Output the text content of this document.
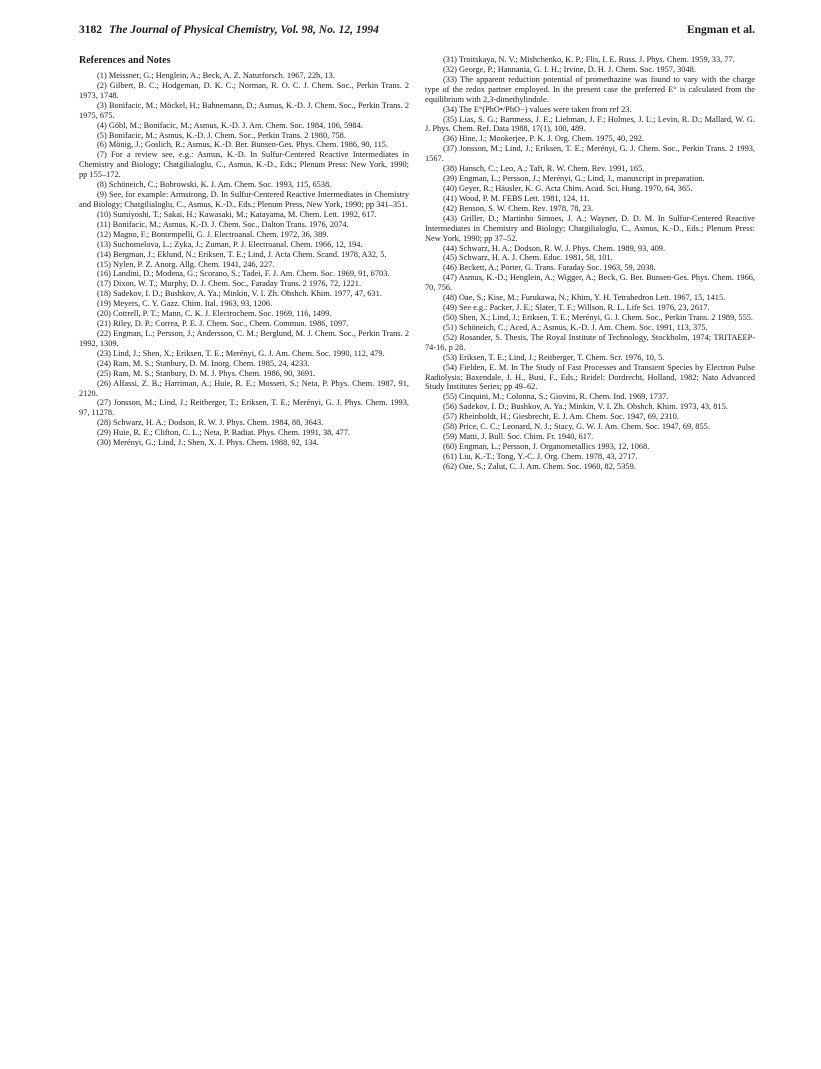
3182 The Journal of Physical Chemistry, Vol. 98, No. 12, 1994	Engman et al.
References and Notes

(1) Meissner, G.; Henglein, A.; Beck, A. Z. Naturforsch. 1967, 22b, 13.

(2) Gilbert, B. C.; Hodgeman, D. K. C.; Norman, R. O. C. J. Chem. Soc., Perkin Trans. 2 1973, 1748.

(3) Bonifacic, M.; Möckel, H.; Bahnemann, D.; Asmus, K.-D. J. Chem. Soc., Perkin Trans. 2 1975, 675.

(4) Göbl, M.; Bonifacic, M.; Asmus, K.-D. J. Am. Chem. Soc. 1984, 106, 5984.

(5) Bonifacic, M.; Asmus, K.-D. J. Chem. Soc., Perkin Trans. 2 1980, 758.

(6) Mönig, J.; Goslich, R.; Asmus, K.-D. Ber. Bunsen-Ges. Phys. Chem. 1986, 90, 115.

(7) For a review see, e.g.: Asmus, K.-D. In Sulfur-Centered Reactive Intermediates in Chemistry and Biology; Chatgilialoglu, C., Asmus, K.-D., Eds.; Plenum Press: New York, 1990; pp 155–172.

(8) Schöneich, C.; Bobrowski, K. J. Am. Chem. Soc. 1993, 115, 6538.

(9) See, for example: Armstrong, D. In Sulfur-Centered Reactive Intermediates in Chemistry and Biology; Chatgilialoglu, C., Asmus, K.-D., Eds.; Plenum Press, New York, 1990; pp 341–351.

(10) Sumiyoshi, T.; Sakai, H.; Kawasaki, M.; Katayama, M. Chem. Lett. 1992, 617.

(11) Bonifacic, M.; Asmus, K.-D. J. Chem. Soc., Dalton Trans. 1976, 2074.

(12) Magno, F.; Bontempelli, G. J. Electroanal. Chem. 1972, 36, 389.

(13) Suchomelova, L.; Zyka, J.; Zuman, P. J. Electroanal. Chem. 1966, 12, 194.

(14) Bergman, J.; Eklund, N.; Eriksen, T. E.; Lind, J. Acta Chem. Scand. 1978, A32, 5.

(15) Nylen, P. Z. Anorg. Allg. Chem. 1941, 246, 227.

(16) Landini, D.; Modena, G.; Scorano, S.; Tadei, F. J. Am. Chem. Soc. 1969, 91, 6703.

(17) Dixon, W. T.; Murphy, D. J. Chem. Soc., Faraday Trans. 2 1976, 72, 1221.

(18) Sadekov, I. D.; Bushkov, A. Ya.; Minkin, V. I. Zh. Obshch. Khim. 1977, 47, 631.

(19) Meyers, C. Y. Gazz. Chim. Ital. 1963, 93, 1206.

(20) Cottrell, P. T.; Mann, C. K. J. Electrochem. Soc. 1969, 116, 1499.

(21) Riley, D. P.; Correa, P. E. J. Chem. Soc., Chem. Commun. 1986, 1097.

(22) Engman, L.; Persson, J.; Andersson, C. M.; Berglund, M. J. Chem. Soc., Perkin Trans. 2 1992, 1309.

(23) Lind, J.; Shen, X.; Eriksen, T. E.; Merényi, G. J. Am. Chem. Soc. 1990, 112, 479.

(24) Ram, M. S.; Stanbury, D. M. Inorg. Chem. 1985, 24, 4233.

(25) Ram, M. S.; Stanbury, D. M. J. Phys. Chem. 1986, 90, 3691.

(26) Alfassi, Z. B.; Harriman, A.; Huie, R. E.; Mosseri, S.; Neta, P. Phys. Chem. 1987, 91, 2120.

(27) Jonsson, M.; Lind, J.; Reitberger, T.; Eriksen, T. E.; Merényi, G. J. Phys. Chem. 1993, 97, 11278.

(28) Schwarz, H. A.; Dodson, R. W. J. Phys. Chem. 1984, 88, 3643.

(29) Huie, R. E.; Clifton, C. L.; Neta, P. Radiat. Phys. Chem. 1991, 38, 477.

(30) Merényi, G.; Lind, J.; Shen, X. J. Phys. Chem. 1988, 92, 134.

(31) Troitskaya, N. V.; Mishchenko, K. P.; Flis, I. E. Russ. J. Phys. Chem. 1959, 33, 77.

(32) George, P.; Hannania, G. I. H.; Irvine, D. H. J. Chem. Soc. 1957, 3048.

(33) The apparent reduction potential of promethazine was found to vary with the charge type of the redox partner employed. In the present case the preferred E° is calculated from the equilibrium with 2,3-dimethylindole.

(34) The E°(PhO•/PhO−) values were taken from ref 23.

(35) Lias, S. G.; Bartmess, J. E.; Liebman, J. F.; Holmes, J. L.; Levin, R. D.; Mallard, W. G. J. Phys. Chem. Ref. Data 1988, 17(1), 100, 489.

(36) Hine, J.; Mookerjee, P. K. J. Org. Chem. 1975, 40, 292.

(37) Jonsson, M.; Lind, J.; Eriksen, T. E.; Merényi, G. J. Chem. Soc., Perkin Trans. 2 1993, 1567.

(38) Hansch, C.; Leo, A.; Taft, R. W. Chem. Rev. 1991, 165.

(39) Engman, L.; Persson, J.; Merényi, G.; Lind, J., manuscript in preparation.

(40) Geyer, R.; Häusler, K. G. Acta Chim. Acad. Sci. Hung. 1970, 64, 365.

(41) Wood, P. M. FEBS Lett. 1981, 124, 11.

(42) Benson, S. W. Chem. Rev. 1978, 78, 23.

(43) Griller, D.; Martinho Simoes, J. A.; Wayner, D. D. M. In Sulfur-Centered Reactive Intermediates in Chemistry and Biology; Chatgilialoglu, C., Asmus, K.-D., Eds.; Plenum Press: New York, 1990; pp 37–52.

(44) Schwarz, H. A.; Dodson, R. W. J. Phys. Chem. 1989, 93, 409.

(45) Schwarz, H. A. J. Chem. Educ. 1981, 58, 101.

(46) Beckett, A.; Porter, G. Trans. Faraday Soc. 1963, 59, 2038.

(47) Asmus, K.-D.; Henglein, A.; Wigger, A.; Beck, G. Ber. Bunsen-Ges. Phys. Chem. 1966, 70, 756.

(48) Oae, S.; Kise, M.; Furukawa, N.; Khim, Y. H. Tetrahedron Lett. 1967, 15, 1415.

(49) See e.g.: Packer, J. E.; Slater, T. F.; Willson, R. L. Life Sci. 1976, 23, 2617.

(50) Shen, X.; Lind, J.; Eriksen, T. E.; Merényi, G. J. Chem. Soc., Perkin Trans. 2 1989, 555.

(51) Schöneich, C.; Aced, A.; Asmus, K.-D. J. Am. Chem. Soc. 1991, 113, 375.

(52) Rosander, S. Thesis, The Royal Institute of Technology, Stockholm, 1974; TRITAEEP-74-16, p 28.

(53) Eriksen, T. E.; Lind, J.; Reitberger, T. Chem. Scr. 1976, 10, 5.

(54) Fielden, E. M. In The Study of Fast Processes and Transient Species by Electron Pulse Radiolysis; Baxendale, J. H., Busi, F., Eds.; Reidel: Dordrecht, Holland, 1982; Nato Advanced Study Institutes Series; pp 49–62.

(55) Cinquini, M.; Colonna, S.; Giovini, R. Chem. Ind. 1969, 1737.

(56) Sadekov, I. D.; Bushkov, A. Ya.; Minkin, V. I. Zh. Obshch. Khim. 1973, 43, 815.

(57) Rheinboldt, H.; Giesbrecht, E. J. Am. Chem. Soc. 1947, 69, 2310.

(58) Price, C. C.; Leonard, N. J.; Stacy, G. W. J. Am. Chem. Soc. 1947, 69, 855.

(59) Matti, J. Bull. Soc. Chim. Fr. 1940, 617.

(60) Engman, L.; Persson, J. Organometallics 1993, 12, 1068.

(61) Liu, K.-T.; Tong, Y.-C. J. Org. Chem. 1978, 43, 2717.

(62) Oae, S.; Zalut, C. J. Am. Chem. Soc. 1960, 82, 5359.
